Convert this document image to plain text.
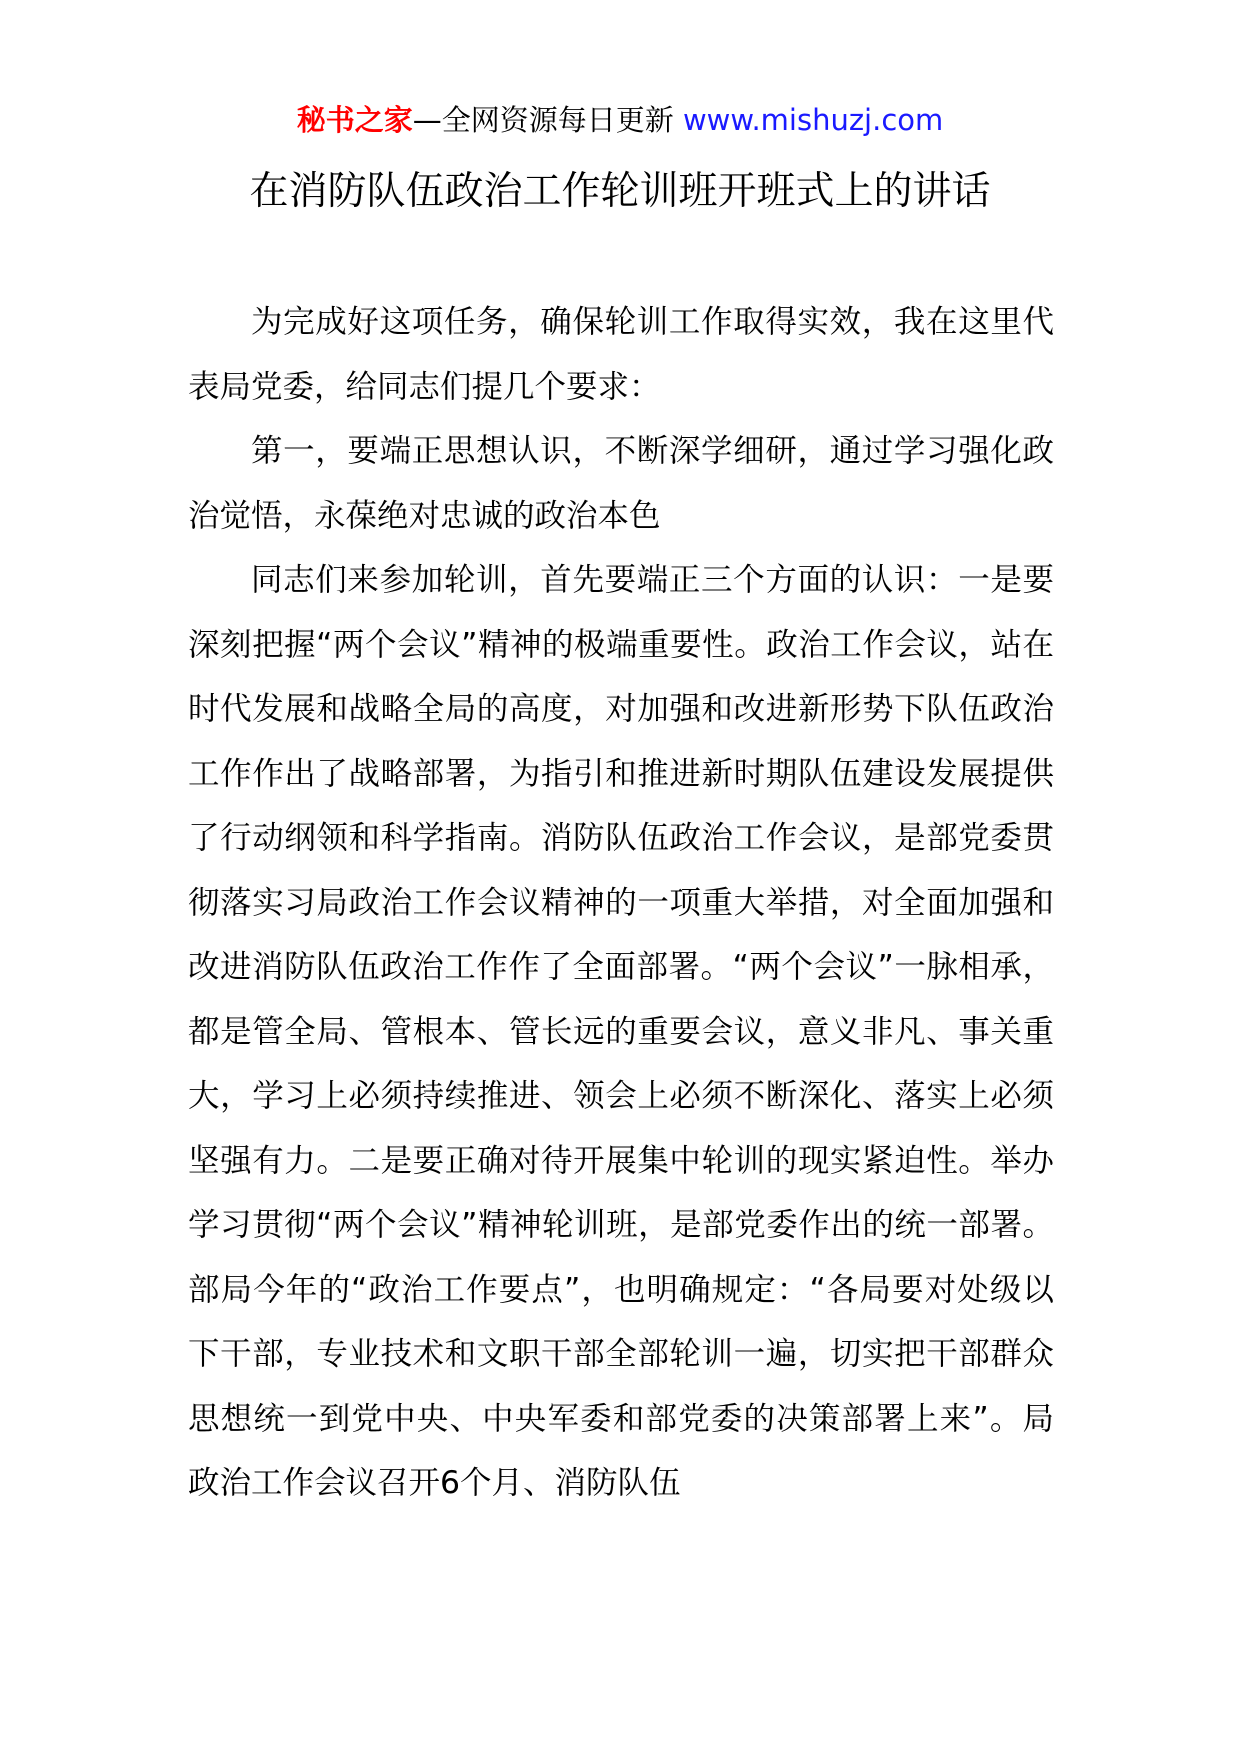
秘书之家—全网资源每日更新 www.mishuzj.com
在消防队伍政治工作轮训班开班式上的讲话

为完成好这项任务，确保轮训工作取得实效，我在这里代表局党委，给同志们提几个要求：

第一，要端正思想认识，不断深学细研，通过学习强化政治觉悟，永葆绝对忠诚的政治本色

同志们来参加轮训，首先要端正三个方面的认识：一是要深刻把握“两个会议”精神的极端重要性。政治工作会议，站在时代发展和战略全局的高度，对加强和改进新形势下队伍政治工作作出了战略部署，为指引和推进新时期队伍建设发展提供了行动纲领和科学指南。消防队伍政治工作会议，是部党委贯彻落实习局政治工作会议精神的一项重大举措，对全面加强和改进消防队伍政治工作作了全面部署。“两个会议”一脉相承，都是管全局、管根本、管长远的重要会议，意义非凡、事关重大，学习上必须持续推进、领会上必须不断深化、落实上必须坚强有力。二是要正确对待开展集中轮训的现实紧迫性。举办学习贯彻“两个会议”精神轮训班，是部党委作出的统一部署。部局今年的“政治工作要点”，也明确规定：“各局要对处级以下干部，专业技术和文职干部全部轮训一遍，切实把干部群众思想统一到党中央、中央军委和部党委的决策部署上来”。局政治工作会议召开6个月、消防队伍
